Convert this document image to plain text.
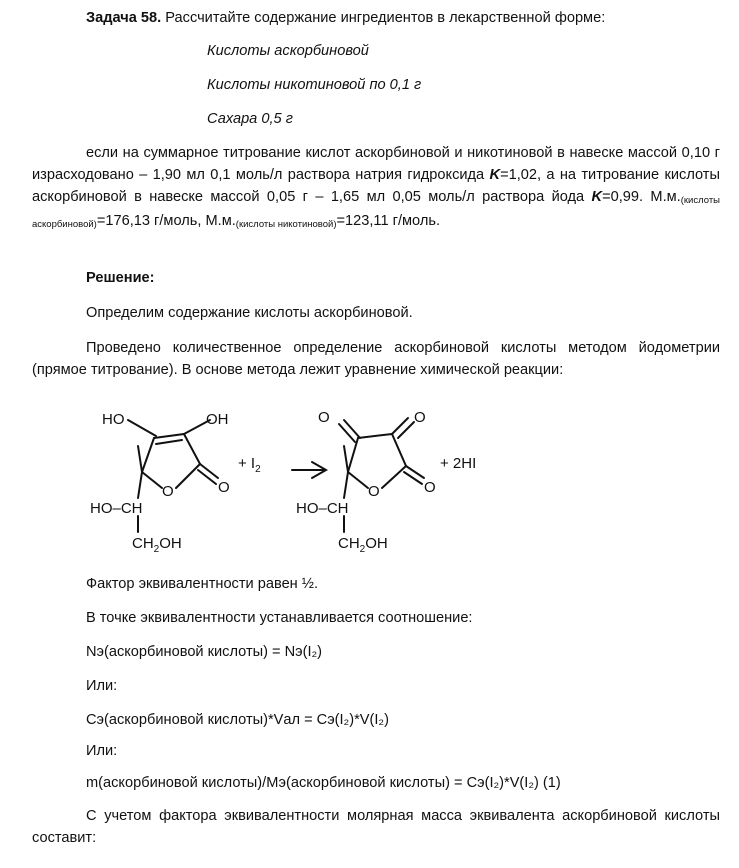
Задача 58. Рассчитайте содержание ингредиентов в лекарственной форме:
Кислоты аскорбиновой
Кислоты никотиновой по 0,1 г
Сахара 0,5 г
если на суммарное титрование кислот аскорбиновой и никотиновой в навеске массой 0,10 г израсходовано – 1,90 мл 0,1 моль/л раствора натрия гидроксида K=1,02, а на титрование кислоты аскорбиновой в навеске массой 0,05 г – 1,65 мл 0,05 моль/л раствора йода K=0,99. М.м.(кислоты аскорбиновой)=176,13 г/моль, М.м.(кислоты никотиновой)=123,11 г/моль.
Решение:
Определим содержание кислоты аскорбиновой.
Проведено количественное определение аскорбиновой кислоты методом йодометрии (прямое титрование). В основе метода лежит уравнение химической реакции:
HO	OH
O	O
HO–CH
$CH_2OH$
+ $I_2$
O	O
O	O
HO–CH
$CH_2OH$
+ 2HI
Фактор эквивалентности равен ½.
В точке эквивалентности устанавливается соотношение:
Nэ(аскорбиновой кислоты) = Nэ(I₂)
Или:
Сэ(аскорбиновой кислоты)*Vал = Сэ(I₂)*V(I₂)
Или:
m(аскорбиновой кислоты)/Мэ(аскорбиновой кислоты) = Сэ(I₂)*V(I₂) (1)
С учетом фактора эквивалентности молярная масса эквивалента аскорбиновой кислоты составит:
